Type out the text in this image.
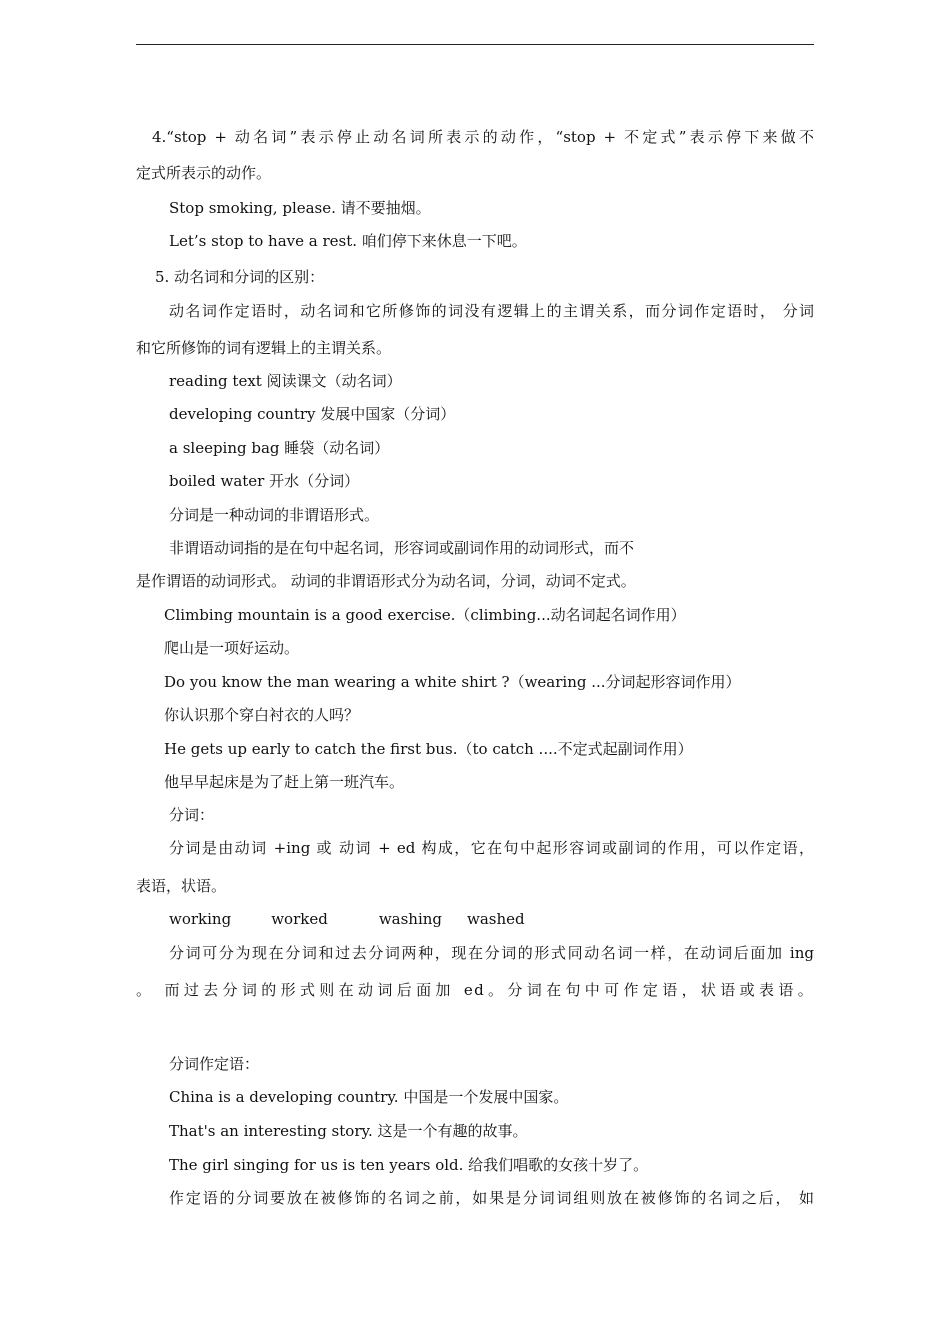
4.“stop + 动名词”表示停止动名词所表示的动作，“stop + 不定式”表示停下来做不
定式所表示的动作。
Stop smoking, please. 请不要抽烟。
Let’s stop to have a rest. 咱们停下来休息一下吧。
5. 动名词和分词的区别：
动名词作定语时，动名词和它所修饰的词没有逻辑上的主谓关系，而分词作定语时， 分词
和它所修饰的词有逻辑上的主谓关系。
reading text 阅读课文（动名词）
developing country 发展中国家（分词）
a sleeping bag 睡袋（动名词）
boiled water 开水（分词）
分词是一种动词的非谓语形式。
非谓语动词指的是在句中起名词，形容词或副词作用的动词形式，而不
是作谓语的动词形式。 动词的非谓语形式分为动名词，分词，动词不定式。
Climbing mountain is a good exercise.（climbing...动名词起名词作用）
爬山是一项好运动。
Do you know the man wearing a white shirt ?（wearing ...分词起形容词作用）
你认识那个穿白衬衣的人吗？
He gets up early to catch the first bus.（to catch ....不定式起副词作用）
他早早起床是为了赶上第一班汽车。
分词：
分词是由动词 +ing 或 动词 + ed 构成，它在句中起形容词或副词的作用，可以作定语，
表语，状语。
working	worked	washing washed
分词可分为现在分词和过去分词两种，现在分词的形式同动名词一样，在动词后面加 ing
。 而过去分词的形式则在动词后面加 ed。分词在句中可作定语，状语或表语。
分词作定语：
China is a developing country. 中国是一个发展中国家。
That's an interesting story. 这是一个有趣的故事。
The girl singing for us is ten years old. 给我们唱歌的女孩十岁了。
作定语的分词要放在被修饰的名词之前，如果是分词词组则放在被修饰的名词之后， 如
